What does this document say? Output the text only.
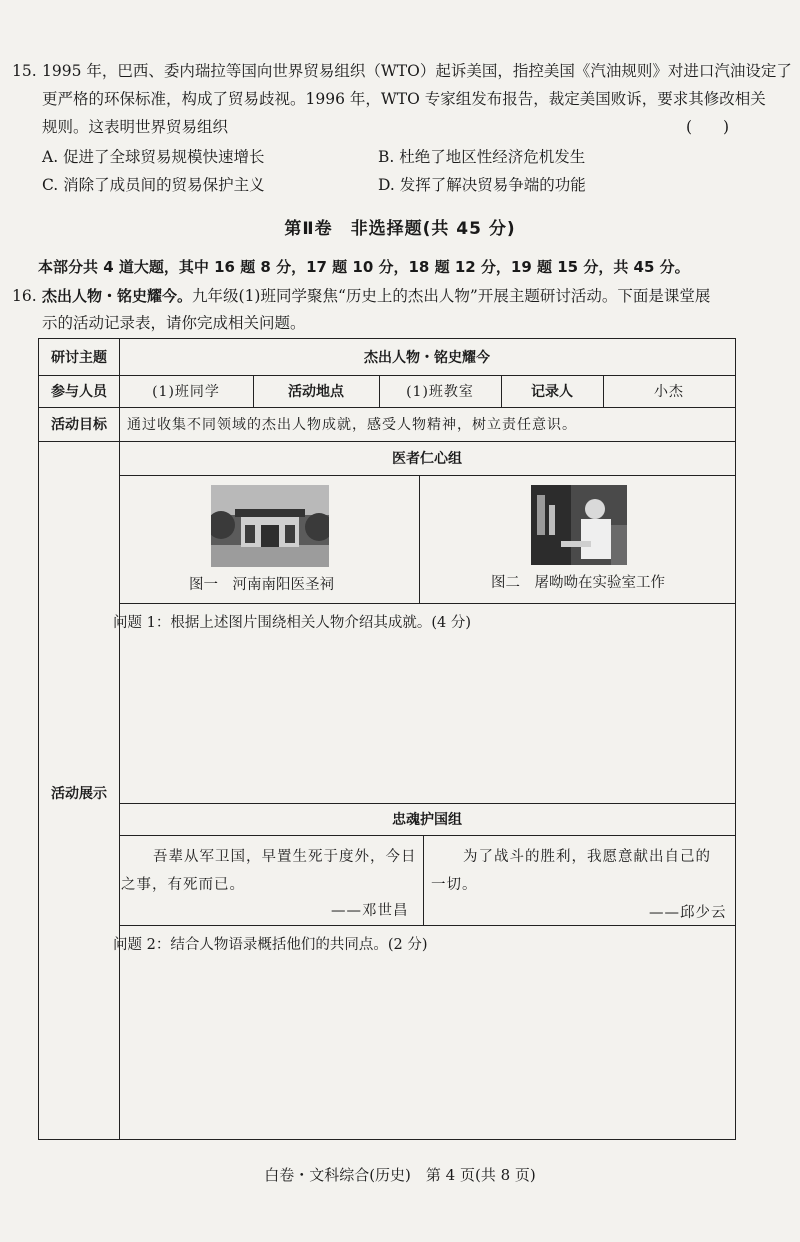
15. 1995 年，巴西、委内瑞拉等国向世界贸易组织（WTO）起诉美国，指控美国《汽油规则》对进口汽油设定了
更严格的环保标准，构成了贸易歧视。1996 年，WTO 专家组发布报告，裁定美国败诉，要求其修改相关
规则。这表明世界贸易组织	(　　)
A. 促进了全球贸易规模快速增长	B. 杜绝了地区性经济危机发生
C. 消除了成员间的贸易保护主义	D. 发挥了解决贸易争端的功能
第Ⅱ卷　非选择题(共 45 分)
本部分共 4 道大题，其中 16 题 8 分，17 题 10 分，18 题 12 分，19 题 15 分，共 45 分。
16. 杰出人物・铭史耀今。九年级(1)班同学聚焦“历史上的杰出人物”开展主题研讨活动。下面是课堂展
示的活动记录表，请你完成相关问题。
研讨主题	杰出人物・铭史耀今
参与人员	(1)班同学	活动地点	(1)班教室	记录人	小杰
活动目标	通过收集不同领域的杰出人物成就，感受人物精神，树立责任意识。
活动展示
医者仁心组
图一　河南南阳医圣祠	图二　屠呦呦在实验室工作
问题 1：根据上述图片围绕相关人物介绍其成就。(4 分)
忠魂护国组
吾辈从军卫国，早置生死于度外，今日
之事，有死而已。
——邓世昌
为了战斗的胜利，我愿意献出自己的
一切。
——邱少云
问题 2：结合人物语录概括他们的共同点。(2 分)
白卷・文科综合(历史)　第 4 页(共 8 页)
